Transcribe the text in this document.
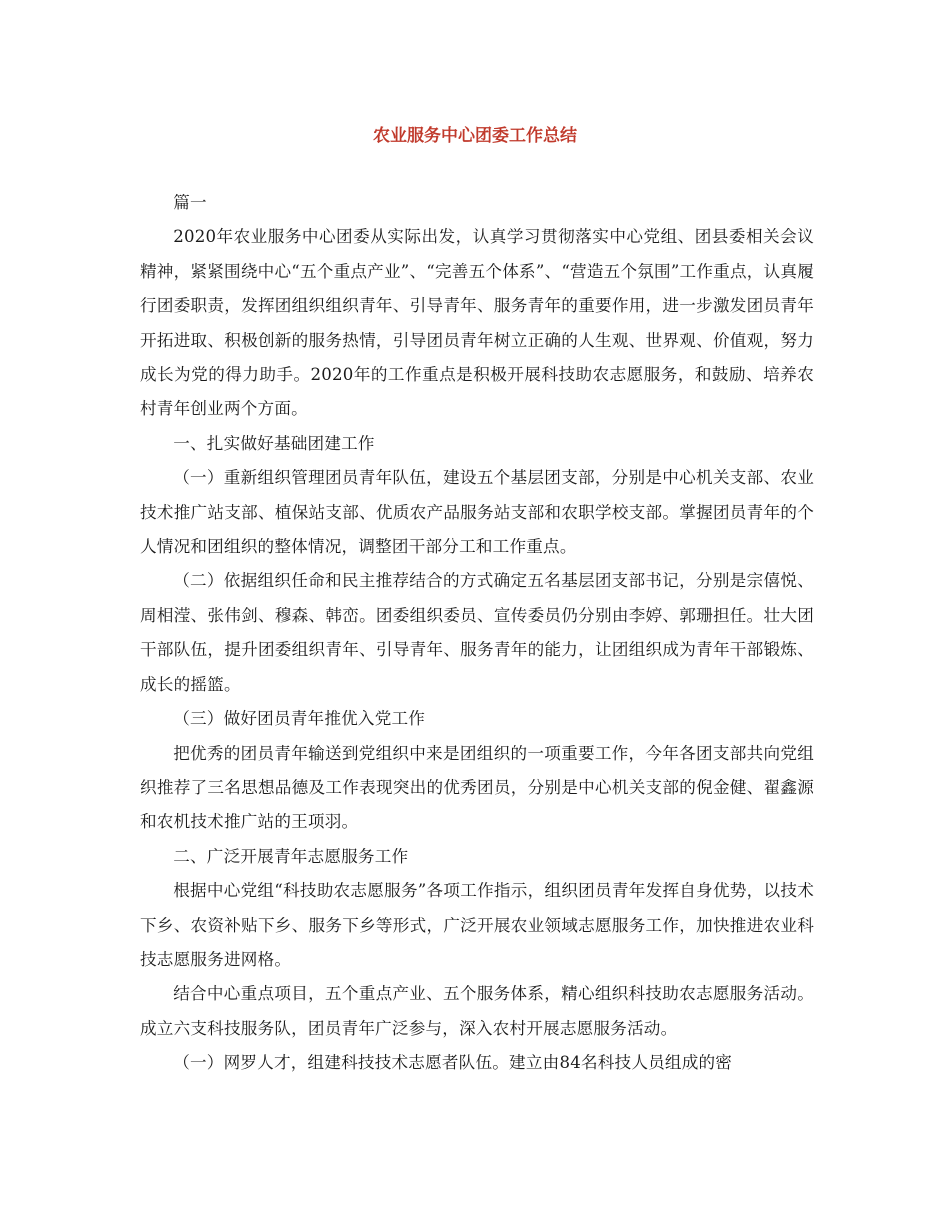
农业服务中心团委工作总结

篇一

2020年农业服务中心团委从实际出发，认真学习贯彻落实中心党组、团县委相关会议精神，紧紧围绕中心“五个重点产业”、“完善五个体系”、“营造五个氛围”工作重点，认真履行团委职责，发挥团组织组织青年、引导青年、服务青年的重要作用，进一步激发团员青年开拓进取、积极创新的服务热情，引导团员青年树立正确的人生观、世界观、价值观，努力成长为党的得力助手。2020年的工作重点是积极开展科技助农志愿服务，和鼓励、培养农村青年创业两个方面。

一、扎实做好基础团建工作

（一）重新组织管理团员青年队伍，建设五个基层团支部，分别是中心机关支部、农业技术推广站支部、植保站支部、优质农产品服务站支部和农职学校支部。掌握团员青年的个人情况和团组织的整体情况，调整团干部分工和工作重点。

（二）依据组织任命和民主推荐结合的方式确定五名基层团支部书记，分别是宗僖悦、周相滢、张伟剑、穆森、韩峦。团委组织委员、宣传委员仍分别由李婷、郭珊担任。壮大团干部队伍，提升团委组织青年、引导青年、服务青年的能力，让团组织成为青年干部锻炼、成长的摇篮。

（三）做好团员青年推优入党工作

把优秀的团员青年输送到党组织中来是团组织的一项重要工作，今年各团支部共向党组织推荐了三名思想品德及工作表现突出的优秀团员，分别是中心机关支部的倪金健、翟鑫源和农机技术推广站的王项羽。

二、广泛开展青年志愿服务工作

根据中心党组“科技助农志愿服务”各项工作指示，组织团员青年发挥自身优势，以技术下乡、农资补贴下乡、服务下乡等形式，广泛开展农业领域志愿服务工作，加快推进农业科技志愿服务进网格。

结合中心重点项目，五个重点产业、五个服务体系，精心组织科技助农志愿服务活动。成立六支科技服务队，团员青年广泛参与，深入农村开展志愿服务活动。

（一）网罗人才，组建科技技术志愿者队伍。建立由84名科技人员组成的密
